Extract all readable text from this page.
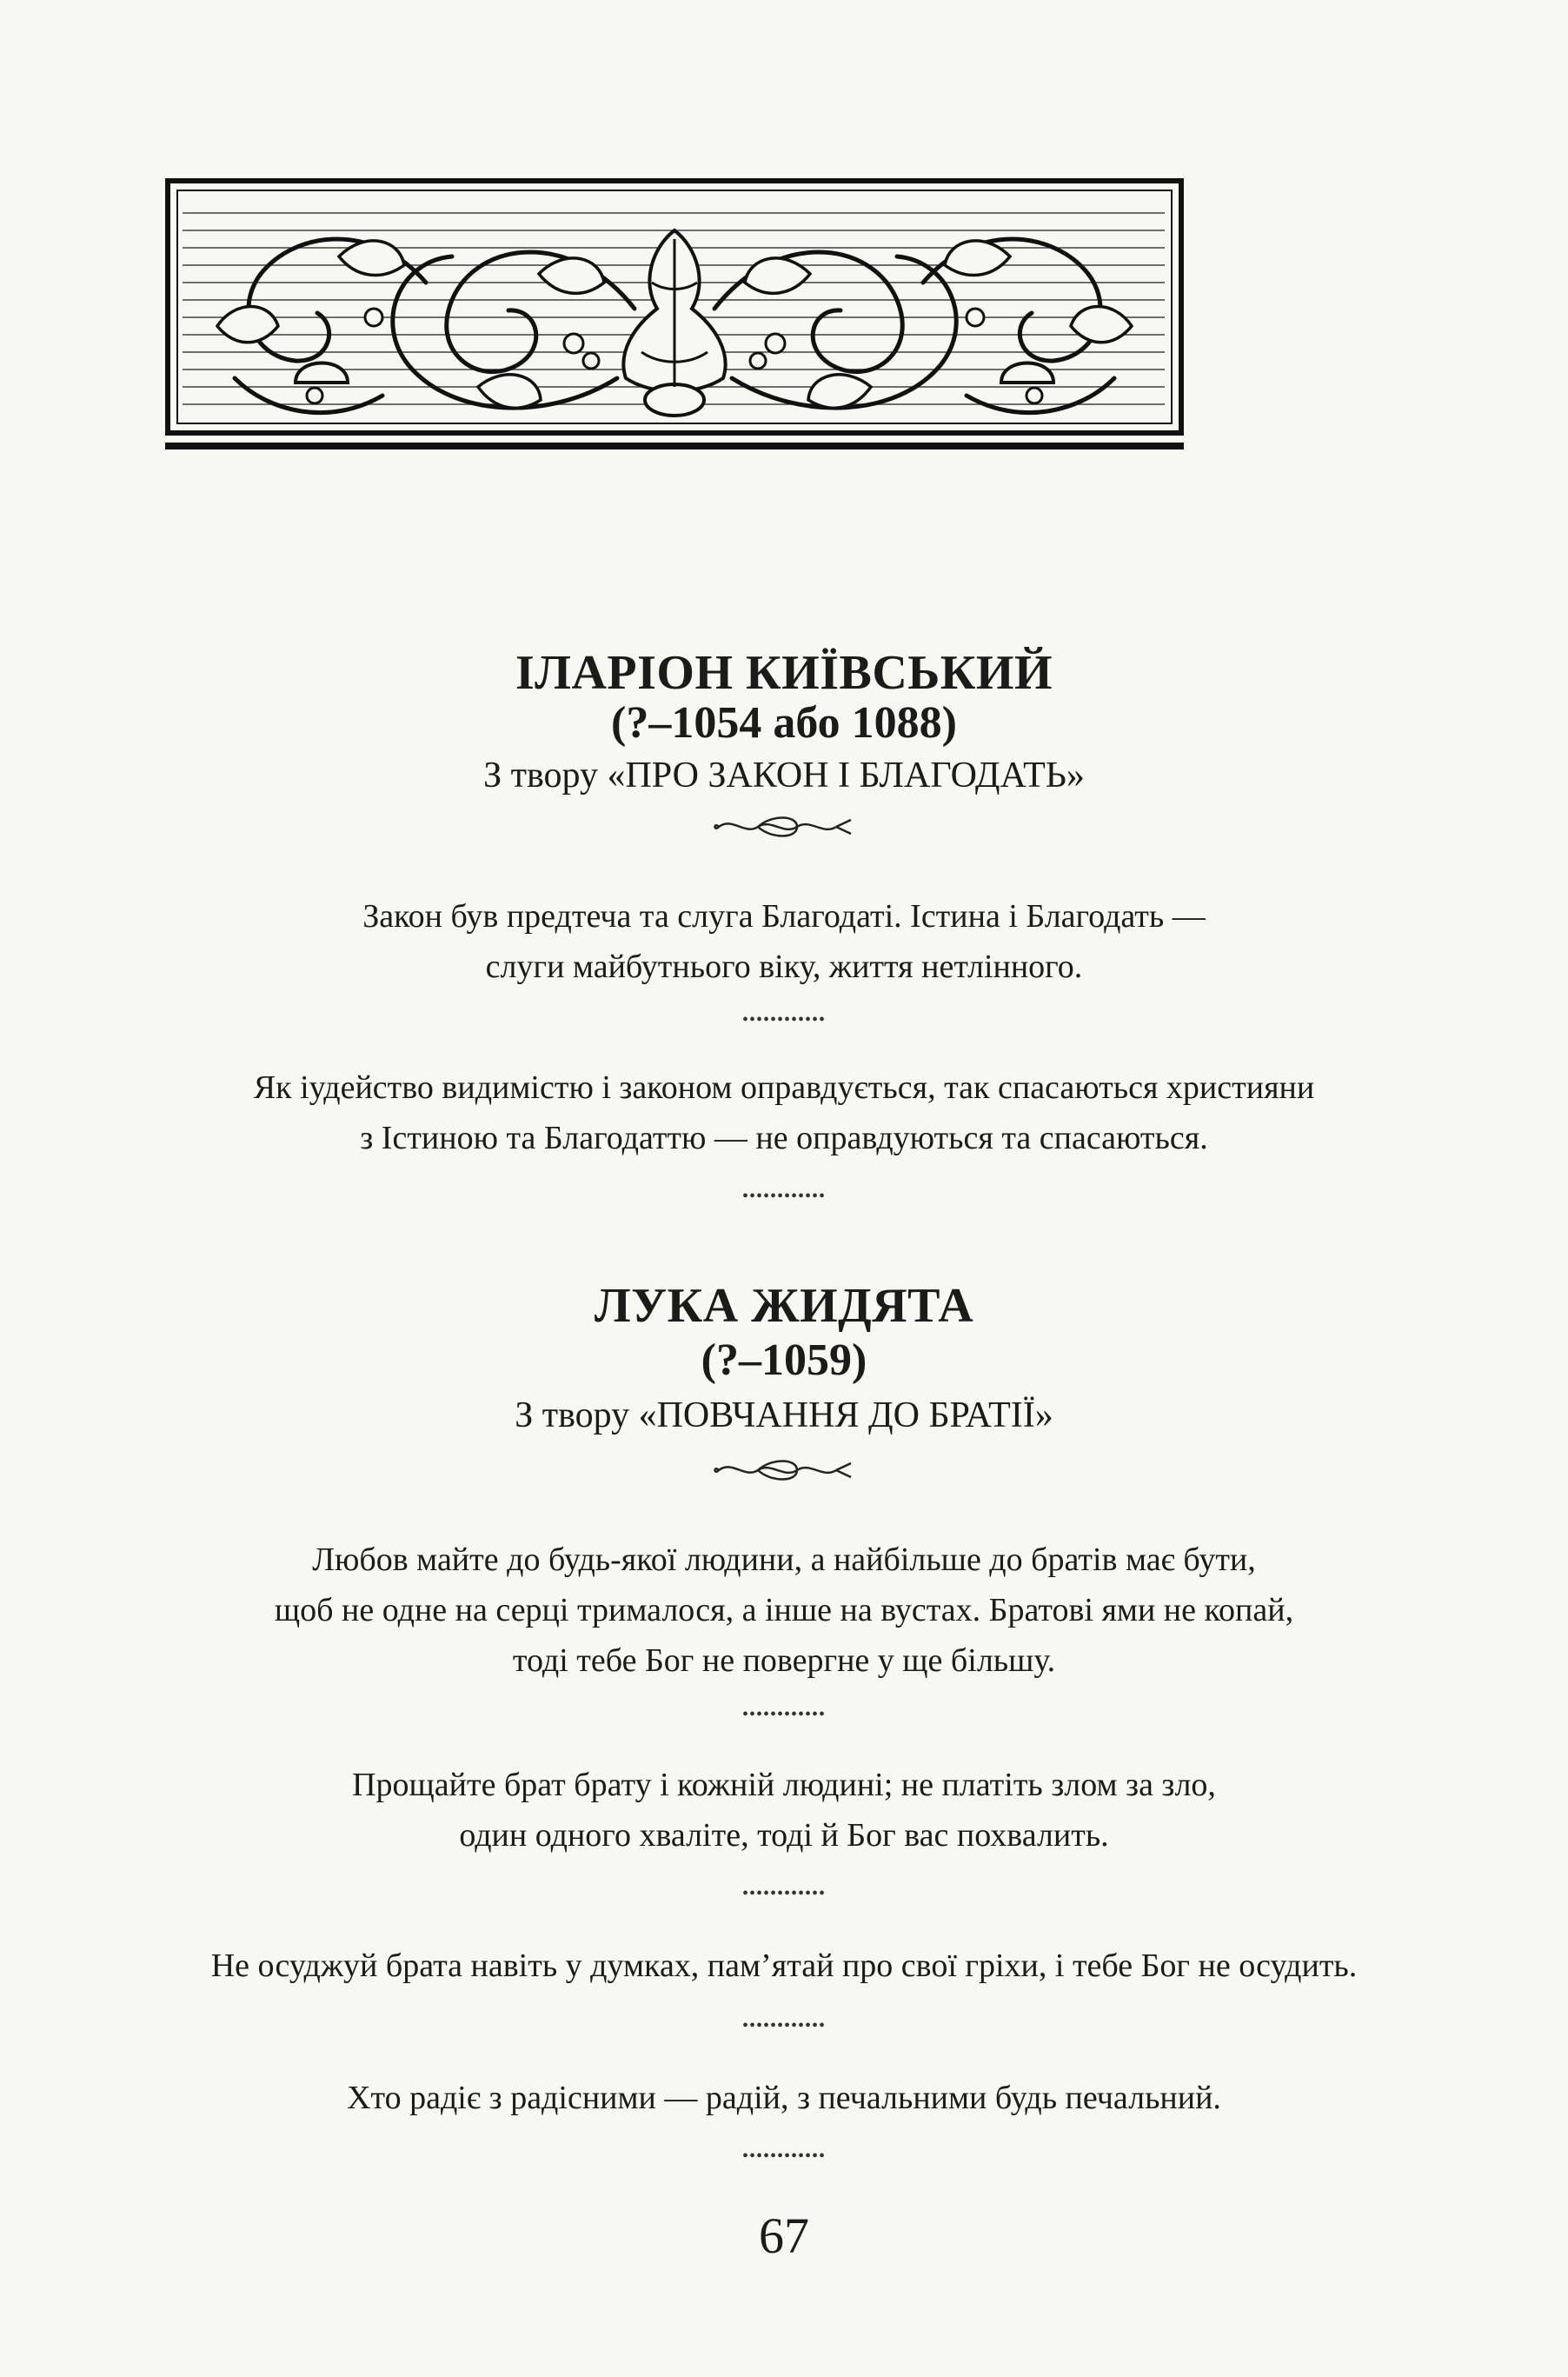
ІЛАРІОН КИЇВСЬКИЙ
(?–1054 або 1088)
З твору «ПРО ЗАКОН І БЛАГОДАТЬ»
Закон був предтеча та слуга Благодаті. Істина і Благодать —
слуги майбутнього віку, життя нетлінного.
••••••••••••
Як іудейство видимістю і законом оправдується, так спасаються християни
з Істиною та Благодаттю — не оправдуються та спасаються.
••••••••••••
ЛУКА ЖИДЯТА
(?–1059)
З твору «ПОВЧАННЯ ДО БРАТІЇ»
Любов майте до будь-якої людини, а найбільше до братів має бути,
щоб не одне на серці трималося, а інше на вустах. Братові ями не копай,
тоді тебе Бог не повергне у ще більшу.
••••••••••••
Прощайте брат брату і кожній людині; не платіть злом за зло,
один одного хваліте, тоді й Бог вас похвалить.
••••••••••••
Не осуджуй брата навіть у думках, пам’ятай про свої гріхи, і тебе Бог не осудить.
••••••••••••
Хто радіє з радісними — радій, з печальними будь печальний.
••••••••••••
67
